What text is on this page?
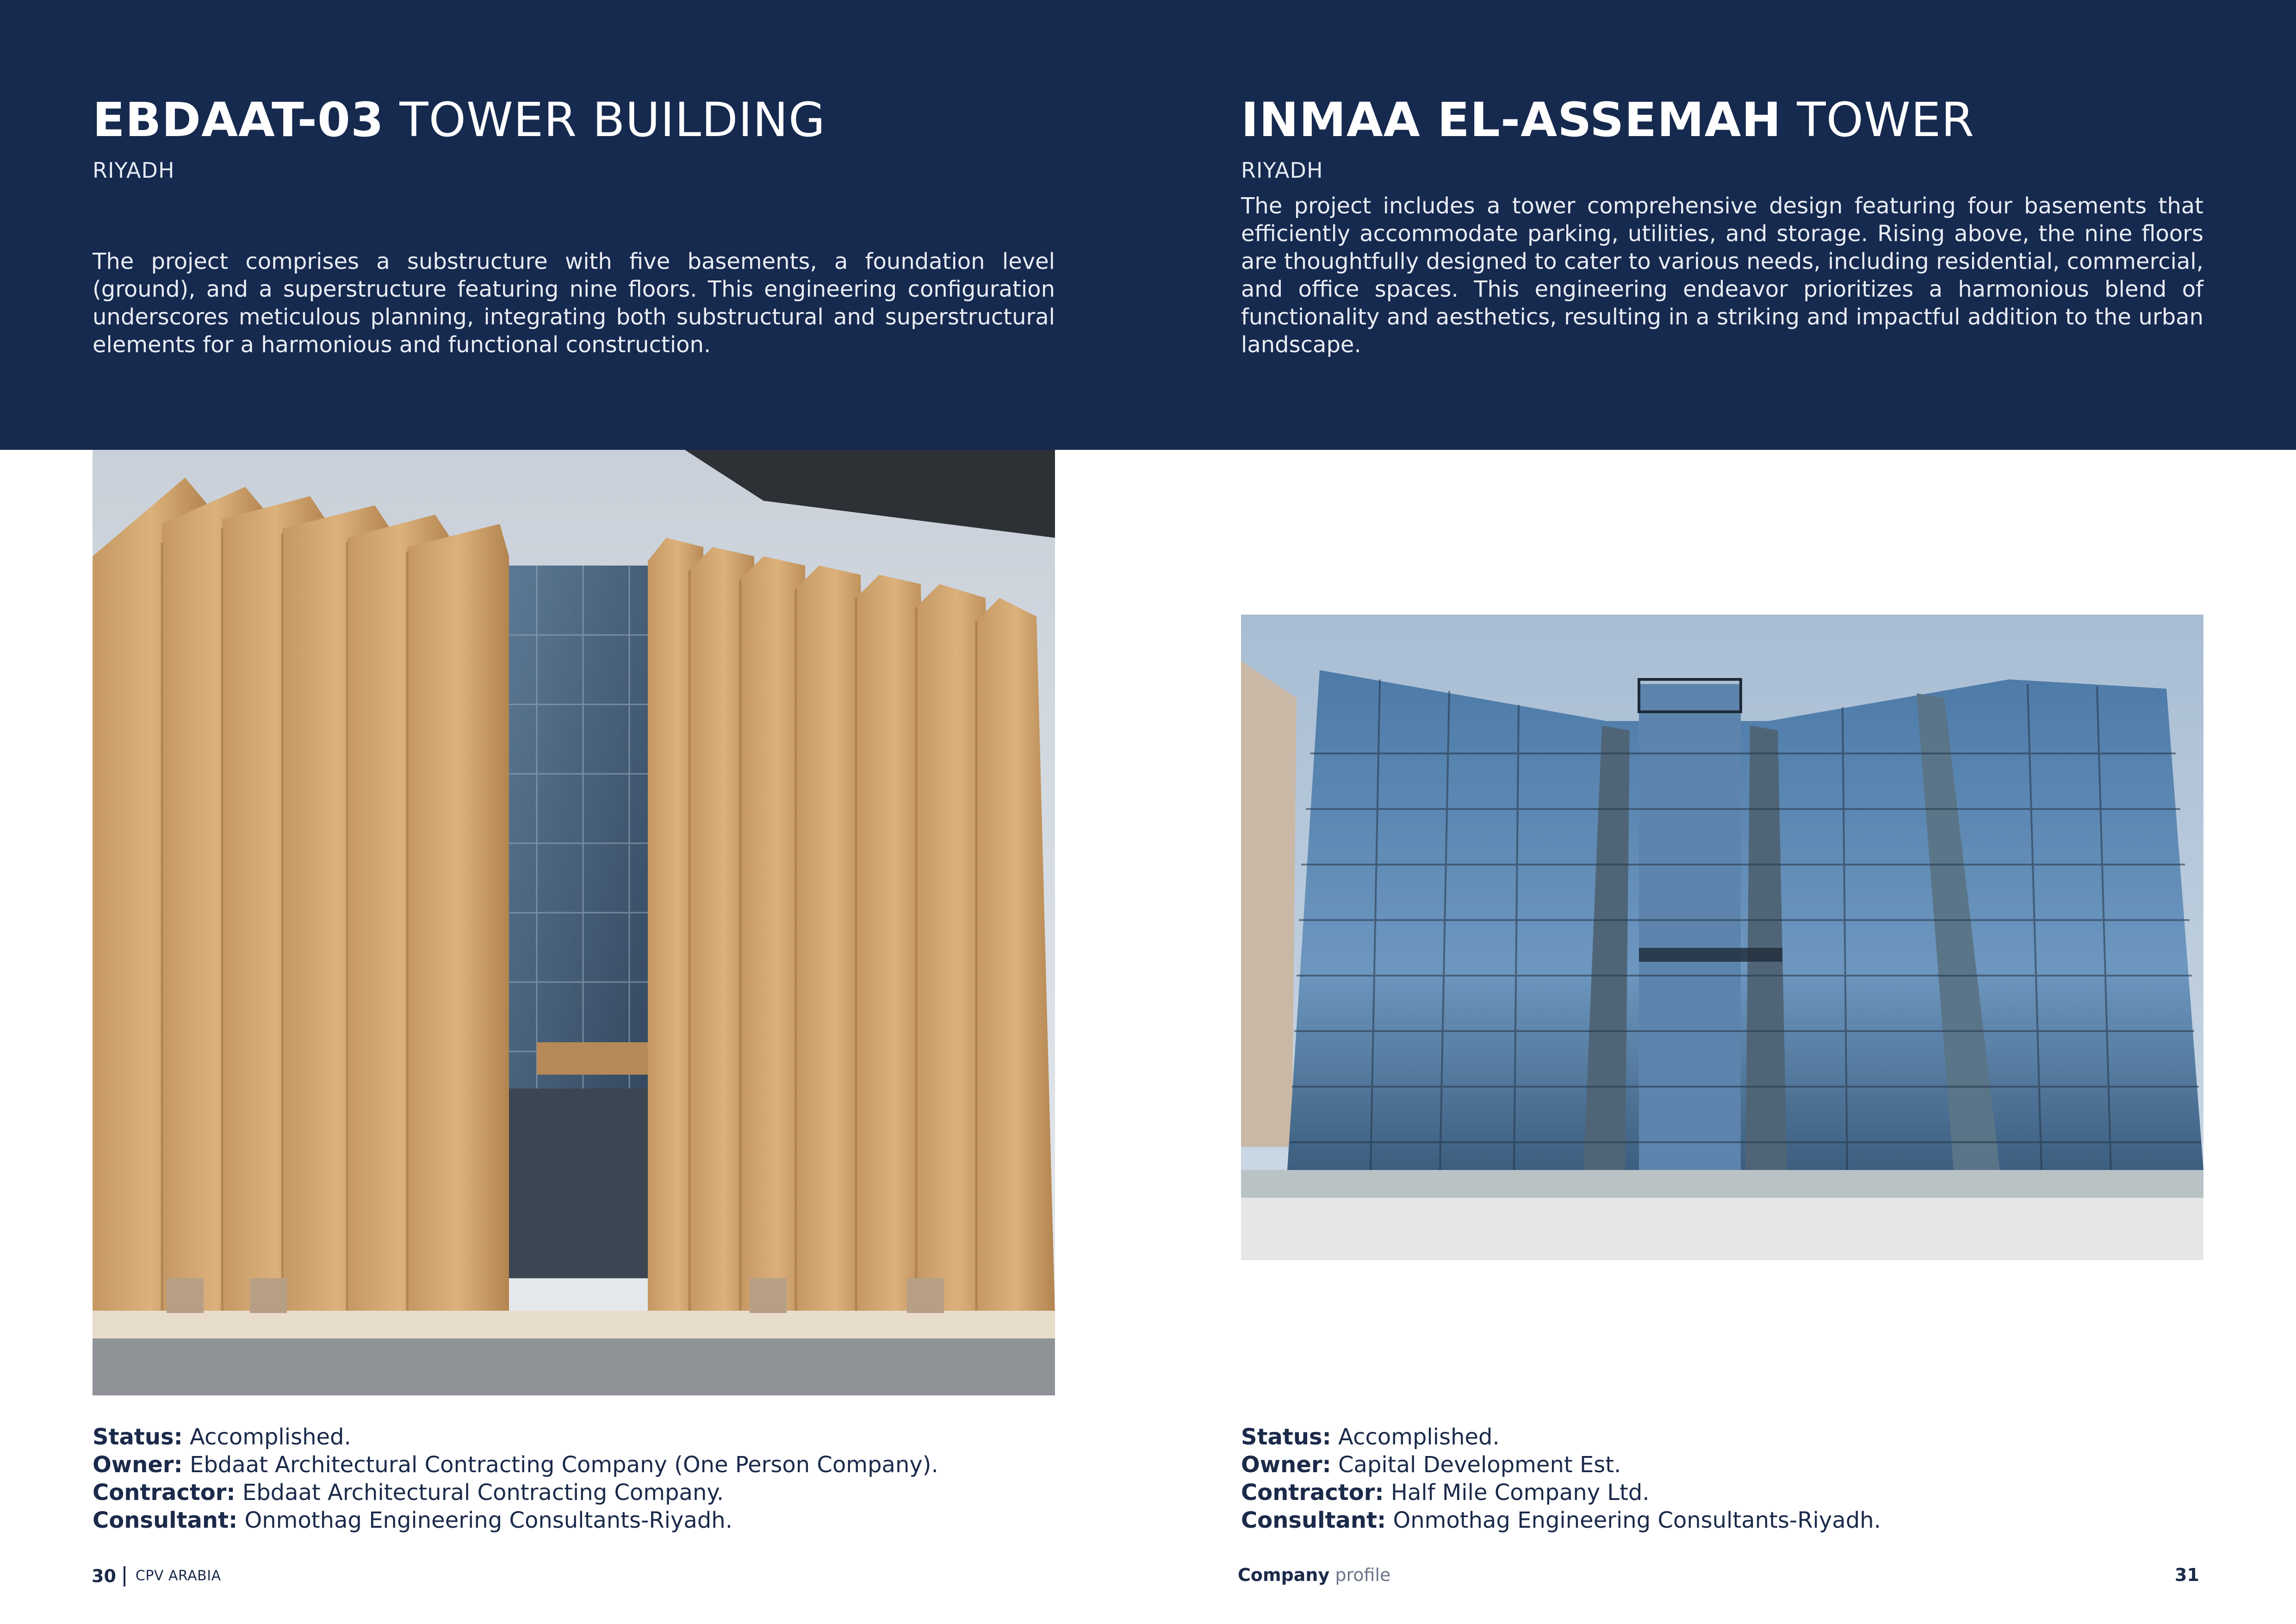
EBDAAT-03 TOWER BUILDING
RIYADH
The project comprises a substructure with five basements, a foundation level (ground), and a superstructure featuring nine floors. This engineering configuration underscores meticulous planning, integrating both substructural and superstructural elements for a harmonious and functional construction.
INMAA EL-ASSEMAH TOWER
RIYADH
The project includes a tower comprehensive design featuring four basements that efficiently accommodate parking, utilities, and storage. Rising above, the nine floors are thoughtfully designed to cater to various needs, including residential, commercial, and office spaces. This engineering endeavor prioritizes a harmonious blend of functionality and aesthetics, resulting in a striking and impactful addition to the urban landscape.
Status: Accomplished.
Owner: Ebdaat Architectural Contracting Company (One Person Company).
Contractor: Ebdaat Architectural Contracting Company.
Consultant: Onmothag Engineering Consultants-Riyadh.
Status: Accomplished.
Owner: Capital Development Est.
Contractor: Half Mile Company Ltd.
Consultant: Onmothag Engineering Consultants-Riyadh.
30 CPV ARABIA	Company profile	31
